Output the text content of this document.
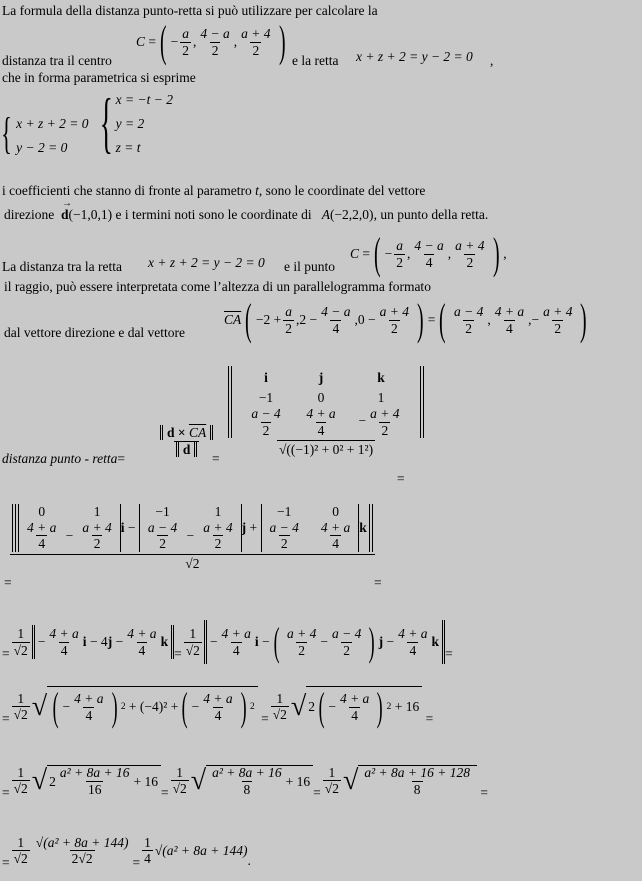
La formula della distanza punto-retta si può utilizzare per calcolare la
distanza tra il centro
C
= ( − $\frac{a}{2}$ , $\frac{4 - a}{2}$ , $\frac{a + 4}{2}$ ) e la retta x + z + 2 = y − 2 = 0 ,
che in forma parametrica si esprime
{ x + z + 2 = 0
y − 2 = 0 { x = −t − 2
y = 2
z = t
i coefficienti che stanno di fronte al parametro t, sono le coordinate del vettore
direzione d
→
(−1,0,1) e i termini noti sono le coordinate di A(−2,2,0), un punto della retta.
La distanza tra la retta x + z + 2 = y − 2 = 0 e il punto
C
= ( − $\frac{a}{2}$ , $\frac{4 - a}{4}$ , $\frac{a + 4}{2}$ ) ,
il raggio, può essere interpretata come l’altezza di un parallelogramma formato
dal vettore direzione e dal vettore
$\overline{CA}$ ( $-2 + \frac{a}{2} ,2 - \frac{4 - a}{4} ,0 - \frac{a + 4}{2}$ ) = ( $\frac{a - 4}{2}$ , $\frac{4 + a}{4}$ , − $\frac{a + 4}{2}$ )
distanza punto - retta=
$\frac{d \times \overline{CA}}{d}$
=
i	j	k
−1	0	1

$\frac{a - 4}{2}$	$\frac{4 + a}{4}$	− $\frac{a + 4}{2}$
√((−1)² + 0² + 1²)
=
=
0		1

$\frac{4 + a}{4}$	−	$\frac{a + 4}{2}$ i
−

−1		1

$\frac{a - 4}{2}$	−	$\frac{a + 4}{2}$ j +
−1		0

$\frac{a - 4}{2}$		$\frac{4 + a}{4}$ k
√2
=
= $\frac{1}{√2} - \frac{4 + a}{4}$ i
− 4 j
− $\frac{4 + a}{4}$ k
= $\frac{1}{√2} - \frac{4 + a}{4}$ i
− ( $\frac{a + 4}{2} - \frac{a - 4}{2}$ ) j
− $\frac{4 + a}{4}$ k
=
= $\frac{1}{√2}$ √ ( − $\frac{4 + a}{4}$ ) 2
+ (−4)² + ( − $\frac{4 + a}{4}$ ) 2

= $\frac{1}{√2}$ √ 2 ( − $\frac{4 + a}{4}$ ) 2
+ 16

=
= $\frac{1}{√2}$ √ $2 \frac{\text{a² + 8a + 16}}{16} + 16$
= $\frac{1}{√2}$ √ $\frac{\text{a² + 8a + 16}}{8} + 16$
= $\frac{1}{√2}$ √ $\frac{\text{a² + 8a + 16 + 128}}{8}$
=
= $\frac{1}{√2} \frac{\text{√(a² + 8a + 144)}}{2√2} = \frac{1}{4} √(a^2 + 8a + 144)$
.
